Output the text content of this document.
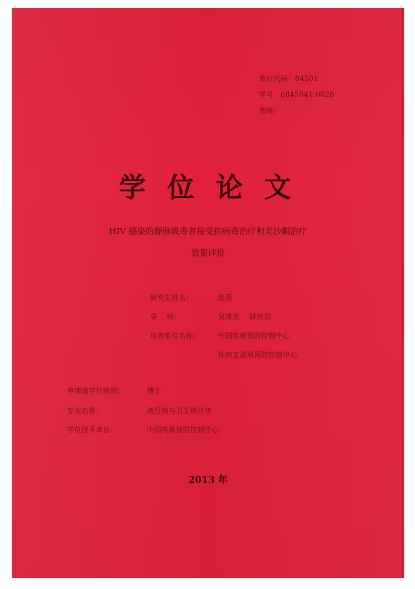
单位代码：84501
学号：6845041:0028
密级：
学 位 论 文
HIV 感染的静脉吸毒者接受抗病毒治疗和美沙酮治疗
效果评价
研究生姓名：	赵燕
导    师：	吴尊友    研究员
培养单位名称：	中国疾病预防控制中心
性病艾滋病预防控制中心
申请请学位级别：	博士
专业名称：	流行病与卫生统计学
学位授予单位：	中国疾病预防控制中心
2013 年
